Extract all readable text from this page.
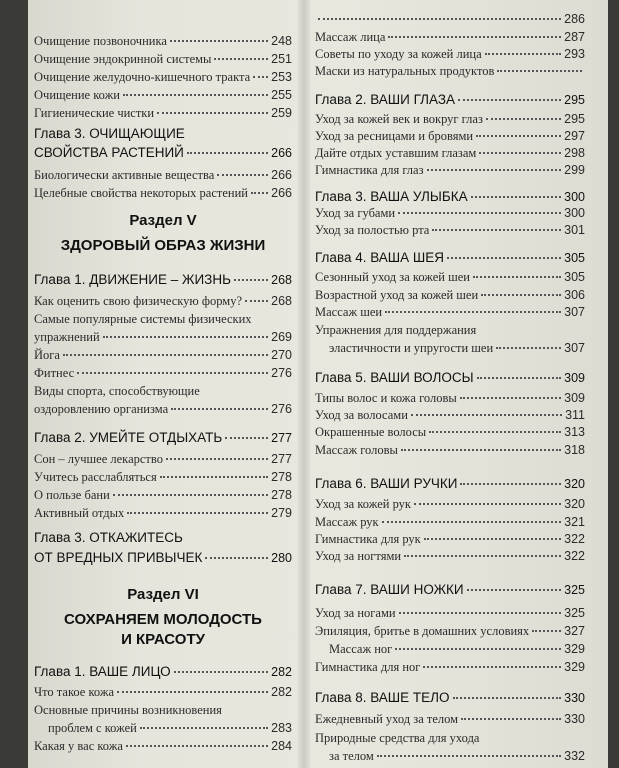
Очищение позвоночника	248
Очищение эндокринной системы	251
Очищение желудочно-кишечного тракта 253
Очищение кожи	255
Гигиенические чистки	259
Глава 3. ОЧИЩАЮЩИЕ
СВОЙСТВА РАСТЕНИЙ	266
Биологически активные вещества	266
Целебные свойства некоторых растений 266
Раздел V
ЗДОРОВЫЙ ОБРАЗ ЖИЗНИ
Глава 1. ДВИЖЕНИЕ – ЖИЗНЬ	268
Как оценить свою физическую форму? 268
Самые популярные системы физических
упражнений	269
Йога	270
Фитнес	276
Виды спорта, способствующие
оздоровлению организма	276
Глава 2. УМЕЙТЕ ОТДЫХАТЬ	277
Сон – лучшее лекарство	277
Учитесь расслабляться	278
О пользе бани	278
Активный отдых	279
Глава 3. ОТКАЖИТЕСЬ
ОТ ВРЕДНЫХ ПРИВЫЧЕК	280
Раздел VI
СОХРАНЯЕМ МОЛОДОСТЬ
И КРАСОТУ
Глава 1. ВАШЕ ЛИЦО	282
Что такое кожа	282
Основные причины возникновения
проблем с кожей	283
Какая у вас кожа	284
286
Массаж лица	287
Советы по уходу за кожей лица	293
Маски из натуральных продуктов
Глава 2. ВАШИ ГЛАЗА	295
Уход за кожей век и вокруг глаз	295
Уход за ресницами и бровями	297
Дайте отдых уставшим глазам	298
Гимнастика для глаз	299
Глава 3. ВАША УЛЫБКА	300
Уход за губами	300
Уход за полостью рта	301
Глава 4. ВАША ШЕЯ	305
Сезонный уход за кожей шеи	305
Возрастной уход за кожей шеи	306
Массаж шеи	307
Упражнения для поддержания
эластичности и упругости шеи	307
Глава 5. ВАШИ ВОЛОСЫ	309
Типы волос и кожа головы	309
Уход за волосами	311
Окрашенные волосы	313
Массаж головы	318
Глава 6. ВАШИ РУЧКИ	320
Уход за кожей рук	320
Массаж рук	321
Гимнастика для рук	322
Уход за ногтями	322
Глава 7. ВАШИ НОЖКИ	325
Уход за ногами	325
Эпиляция, бритье в домашних условиях	327
Массаж ног	329
Гимнастика для ног	329
Глава 8. ВАШЕ ТЕЛО	330
Ежедневный уход за телом	330
Природные средства для ухода
за телом	332
